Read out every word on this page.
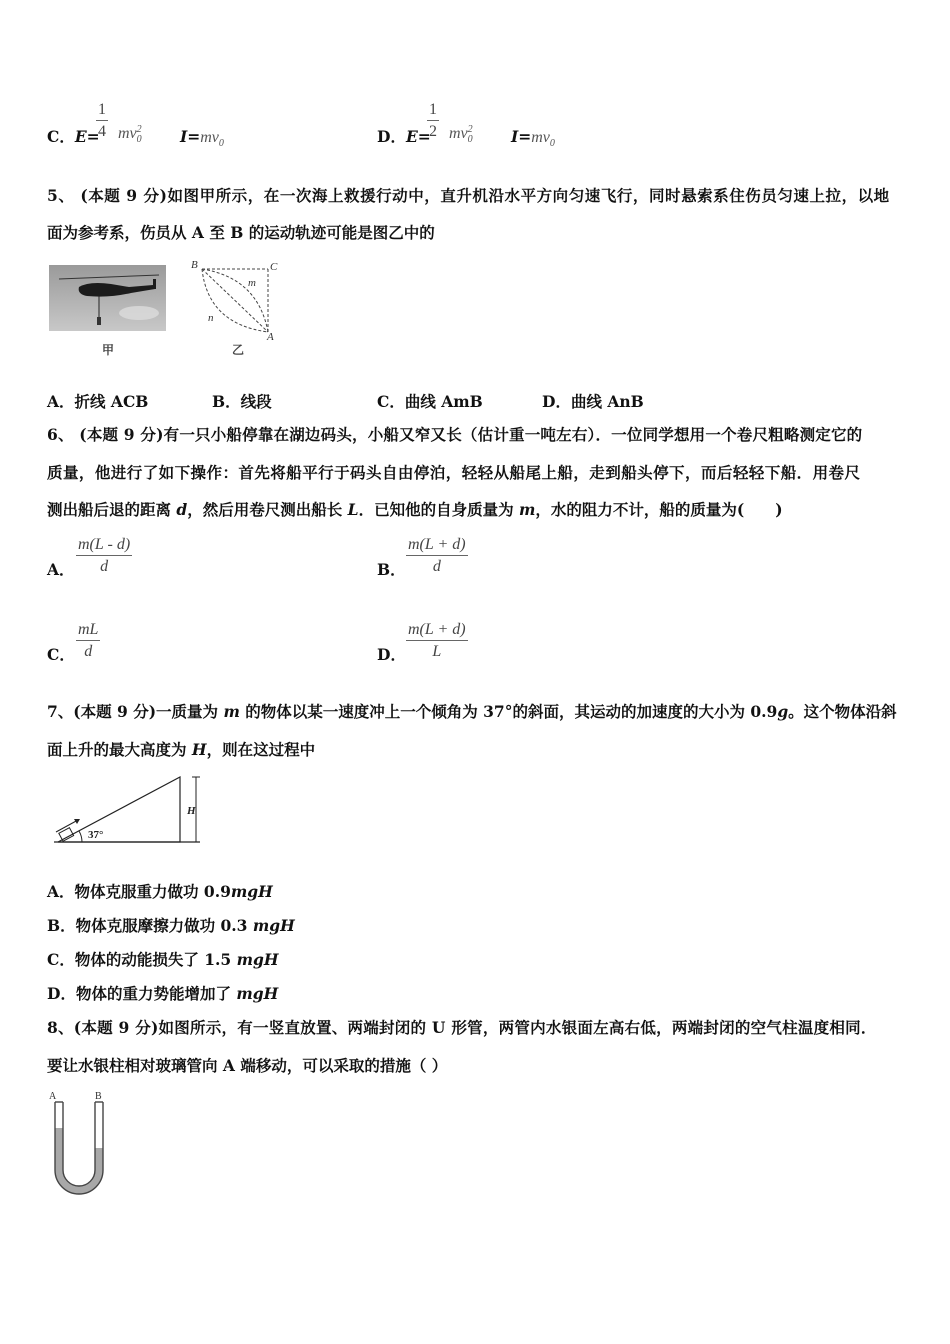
C．E=
$\frac{1}{4} mv_0^2$ $I=mv_0$	D．E=
$\frac{1}{2} mv_0^2$ $I=mv_0$
5、 (本题 9 分)如图甲所示，在一次海上救援行动中，直升机沿水平方向匀速飞行，同时悬索系住伤员匀速上拉，以地
面为参考系，伤员从 A 至 B 的运动轨迹可能是图乙中的
甲
B	C
m
n
A
乙
A．折线 ACB	B．线段	C．曲线 AmB	D．曲线 AnB
6、 (本题 9 分)有一只小船停靠在湖边码头，小船又窄又长（估计重一吨左右）．一位同学想用一个卷尺粗略测定它的
质量，他进行了如下操作：首先将船平行于码头自由停泊，轻轻从船尾上船，走到船头停下，而后轻轻下船．用卷尺
测出船后退的距离 d，然后用卷尺测出船长 L．已知他的自身质量为 m，水的阻力不计，船的质量为(　　)
A． $\frac{m(L - d)}{d}$	B． $\frac{m(L + d)}{d}$
C． $\frac{mL}{d}$	D． $\frac{m(L + d)}{L}$
7、(本题 9 分)一质量为 m 的物体以某一速度冲上一个倾角为 37°的斜面，其运动的加速度的大小为 0.9g。这个物体沿斜
面上升的最大高度为 H，则在这过程中
37°
H
A．物体克服重力做功 0.9mgH
B．物体克服摩擦力做功 0.3 mgH
C．物体的动能损失了 1.5 mgH
D．物体的重力势能增加了 mgH
8、(本题 9 分)如图所示，有一竖直放置、两端封闭的 U 形管，两管内水银面左高右低，两端封闭的空气柱温度相同．
要让水银柱相对玻璃管向 A 端移动，可以采取的措施（ ）
A	B
